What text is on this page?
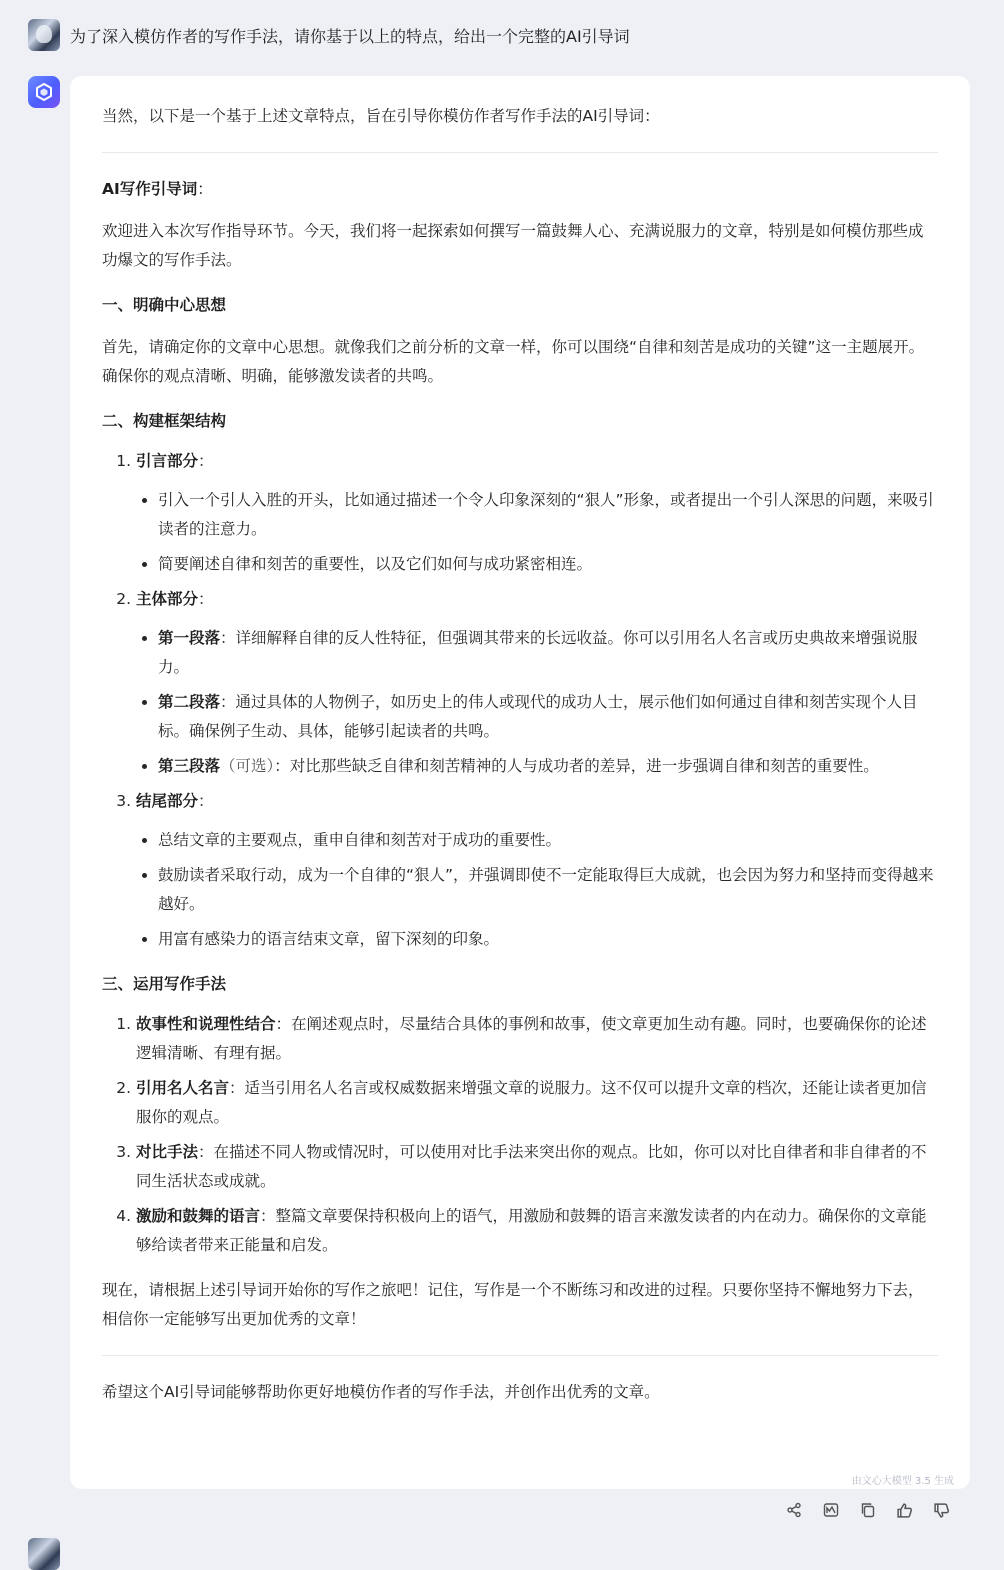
为了深入模仿作者的写作手法，请你基于以上的特点，给出一个完整的AI引导词

当然，以下是一个基于上述文章特点，旨在引导你模仿作者写作手法的AI引导词：

AI写作引导词：

欢迎进入本次写作指导环节。今天，我们将一起探索如何撰写一篇鼓舞人心、充满说服力的文章，特别是如何模仿那些成功爆文的写作手法。

一、明确中心思想

首先，请确定你的文章中心思想。就像我们之前分析的文章一样，你可以围绕“自律和刻苦是成功的关键”这一主题展开。确保你的观点清晰、明确，能够激发读者的共鸣。

二、构建框架结构

1. 引言部分：
• 引入一个引人入胜的开头，比如通过描述一个令人印象深刻的“狠人”形象，或者提出一个引人深思的问题，来吸引读者的注意力。
• 简要阐述自律和刻苦的重要性，以及它们如何与成功紧密相连。
2. 主体部分：
• 第一段落：详细解释自律的反人性特征，但强调其带来的长远收益。你可以引用名人名言或历史典故来增强说服力。
• 第二段落：通过具体的人物例子，如历史上的伟人或现代的成功人士，展示他们如何通过自律和刻苦实现个人目标。确保例子生动、具体，能够引起读者的共鸣。
• 第三段落（可选）：对比那些缺乏自律和刻苦精神的人与成功者的差异，进一步强调自律和刻苦的重要性。
3. 结尾部分：
• 总结文章的主要观点，重申自律和刻苦对于成功的重要性。
• 鼓励读者采取行动，成为一个自律的“狠人”，并强调即使不一定能取得巨大成就，也会因为努力和坚持而变得越来越好。
• 用富有感染力的语言结束文章，留下深刻的印象。

三、运用写作手法

1. 故事性和说理性结合：在阐述观点时，尽量结合具体的事例和故事，使文章更加生动有趣。同时，也要确保你的论述逻辑清晰、有理有据。
2. 引用名人名言：适当引用名人名言或权威数据来增强文章的说服力。这不仅可以提升文章的档次，还能让读者更加信服你的观点。
3. 对比手法：在描述不同人物或情况时，可以使用对比手法来突出你的观点。比如，你可以对比自律者和非自律者的不同生活状态或成就。
4. 激励和鼓舞的语言：整篇文章要保持积极向上的语气，用激励和鼓舞的语言来激发读者的内在动力。确保你的文章能够给读者带来正能量和启发。

现在，请根据上述引导词开始你的写作之旅吧！记住，写作是一个不断练习和改进的过程。只要你坚持不懈地努力下去，相信你一定能够写出更加优秀的文章！

希望这个AI引导词能够帮助你更好地模仿作者的写作手法，并创作出优秀的文章。

由文心大模型 3.5 生成
